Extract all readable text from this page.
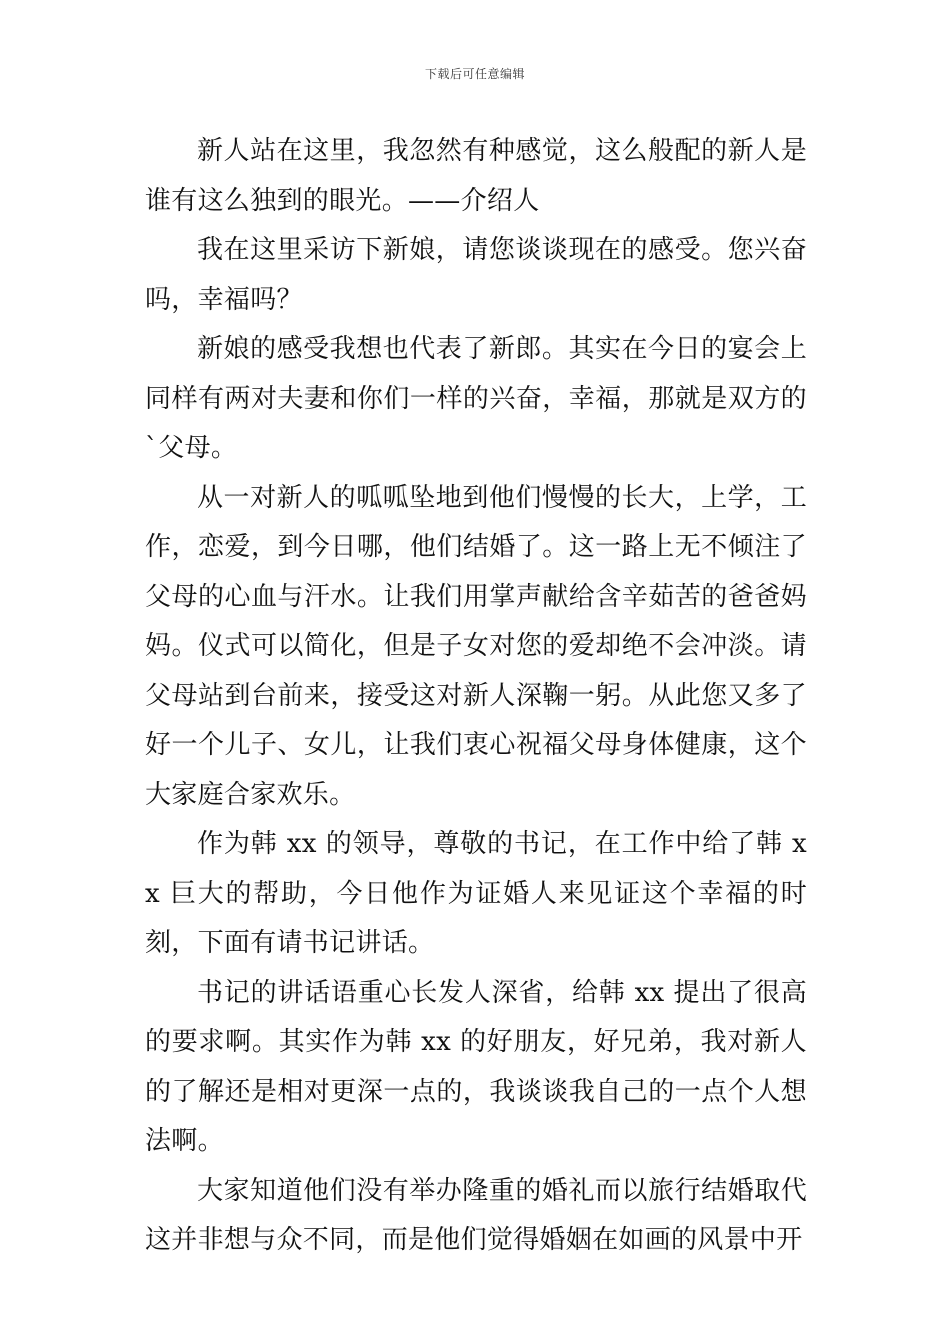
下载后可任意编辑

新人站在这里，我忽然有种感觉，这么般配的新人是谁有这么独到的眼光。——介绍人

我在这里采访下新娘，请您谈谈现在的感受。您兴奋吗，幸福吗？

新娘的感受我想也代表了新郎。其实在今日的宴会上同样有两对夫妻和你们一样的兴奋，幸福，那就是双方的`父母。

从一对新人的呱呱坠地到他们慢慢的长大，上学，工作，恋爱，到今日哪，他们结婚了。这一路上无不倾注了父母的心血与汗水。让我们用掌声献给含辛茹苦的爸爸妈妈。仪式可以简化，但是子女对您的爱却绝不会冲淡。请父母站到台前来，接受这对新人深鞠一躬。从此您又多了好一个儿子、女儿，让我们衷心祝福父母身体健康，这个大家庭合家欢乐。

作为韩 xx 的领导，尊敬的书记，在工作中给了韩 xx 巨大的帮助，今日他作为证婚人来见证这个幸福的时刻，下面有请书记讲话。

书记的讲话语重心长发人深省，给韩 xx 提出了很高的要求啊。其实作为韩 xx 的好朋友，好兄弟，我对新人的了解还是相对更深一点的，我谈谈我自己的一点个人想法啊。

大家知道他们没有举办隆重的婚礼而以旅行结婚取代这并非想与众不同，而是他们觉得婚姻在如画的风景中开
